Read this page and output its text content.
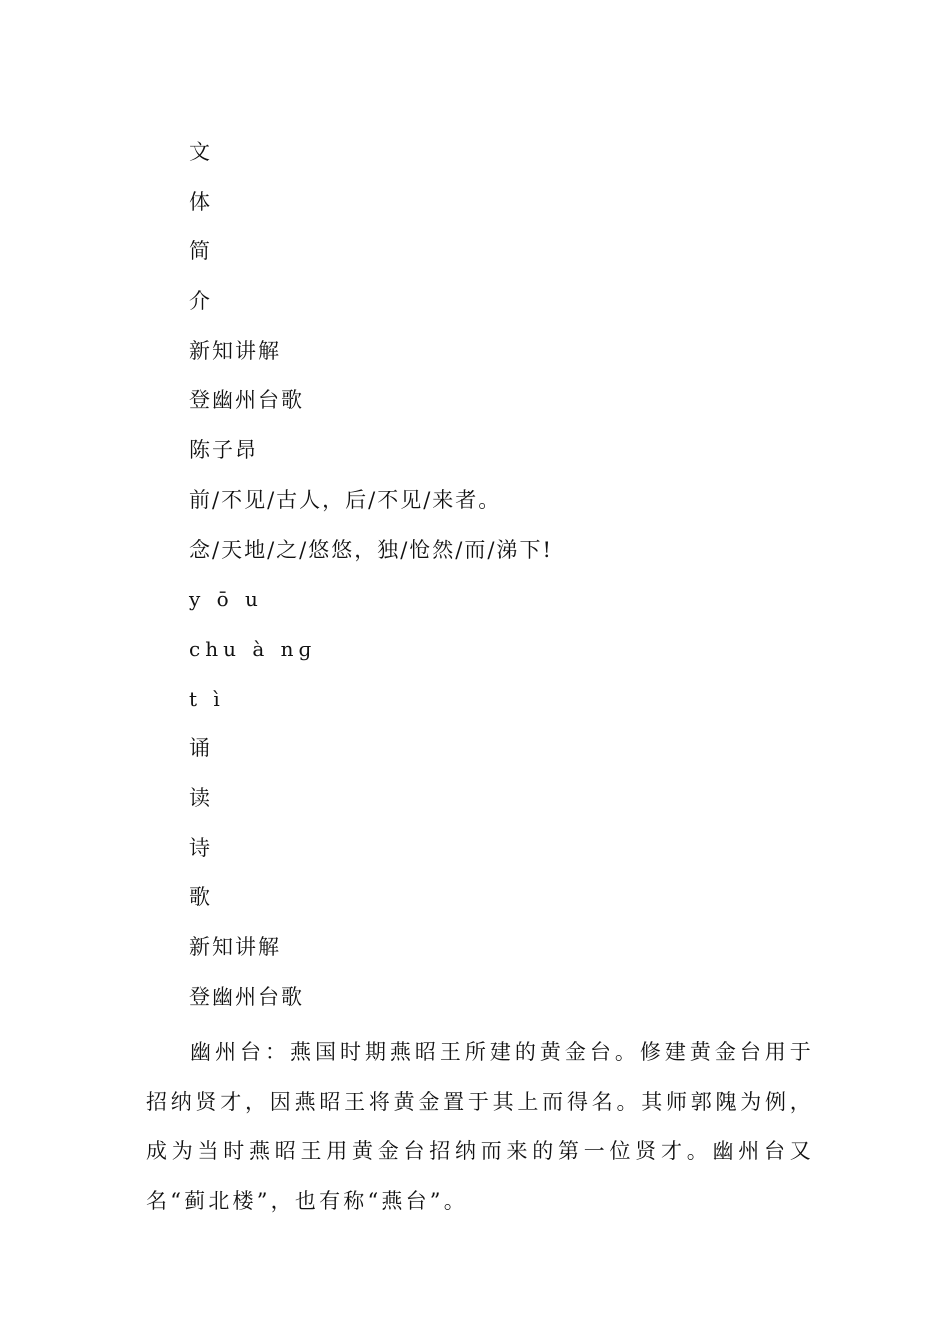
文
体
简
介
新知讲解
登幽州台歌
陈子昂
前/不见/古人，后/不见/来者。
念/天地/之/悠悠，独/怆然/而/涕下!
y ō u
chu à nɡ
t ì
诵
读
诗
歌
新知讲解
登幽州台歌

幽州台：燕国时期燕昭王所建的黄金台。修建黄金台用于招纳贤才，因燕昭王将黄金置于其上而得名。其师郭隗为例，成为当时燕昭王用黄金台招纳而来的第一位贤才。幽州台又名“蓟北楼”，也有称“燕台”。
